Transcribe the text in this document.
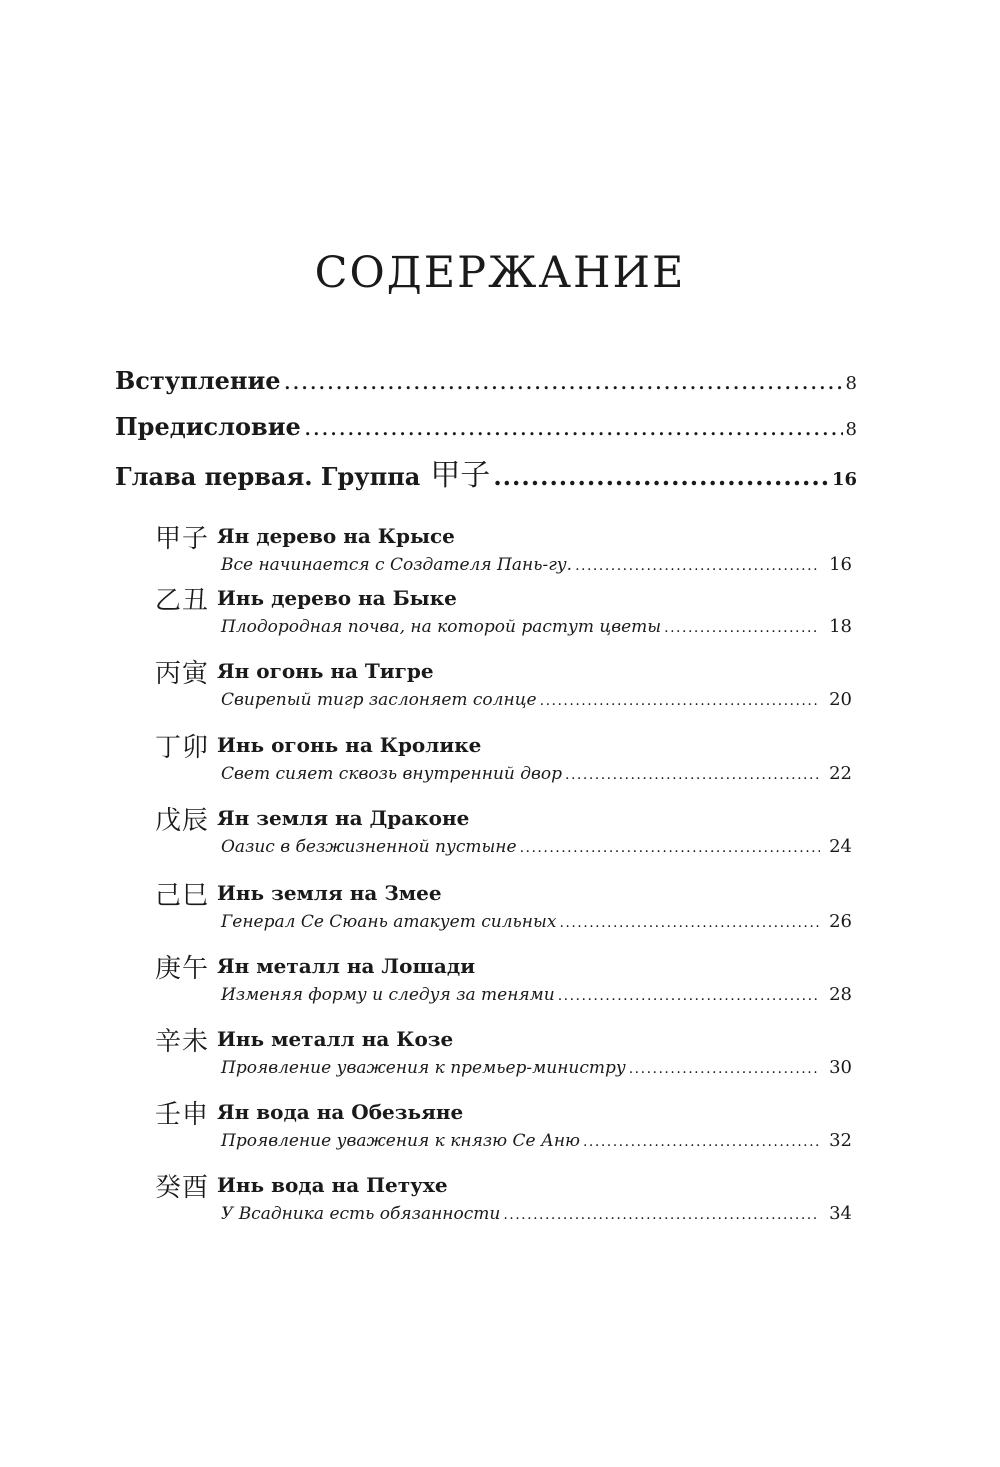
СОДЕРЖАНИЕ
Вступление .....	8
Предисловие .....	8
Глава первая. Группа 甲子 .....	16
甲子 Ян дерево на Крысе
Все начинается с Создателя Пань-гу. .....	16
乙丑 Инь дерево на Быке
Плодородная почва, на которой растут цветы .....	18
丙寅 Ян огонь на Тигре
Свирепый тигр заслоняет солнце .....	20
丁卯 Инь огонь на Кролике
Свет сияет сквозь внутренний двор .....	22
戊辰 Ян земля на Драконе
Оазис в безжизненной пустыне .....	24
己巳 Инь земля на Змее
Генерал Се Сюань атакует сильных .....	26
庚午 Ян металл на Лошади
Изменяя форму и следуя за тенями .....	28
辛未 Инь металл на Козе
Проявление уважения к премьер-министру .....	30
壬申 Ян вода на Обезьяне
Проявление уважения к князю Се Аню .....	32
癸酉 Инь вода на Петухе
У Всадника есть обязанности .....	34
